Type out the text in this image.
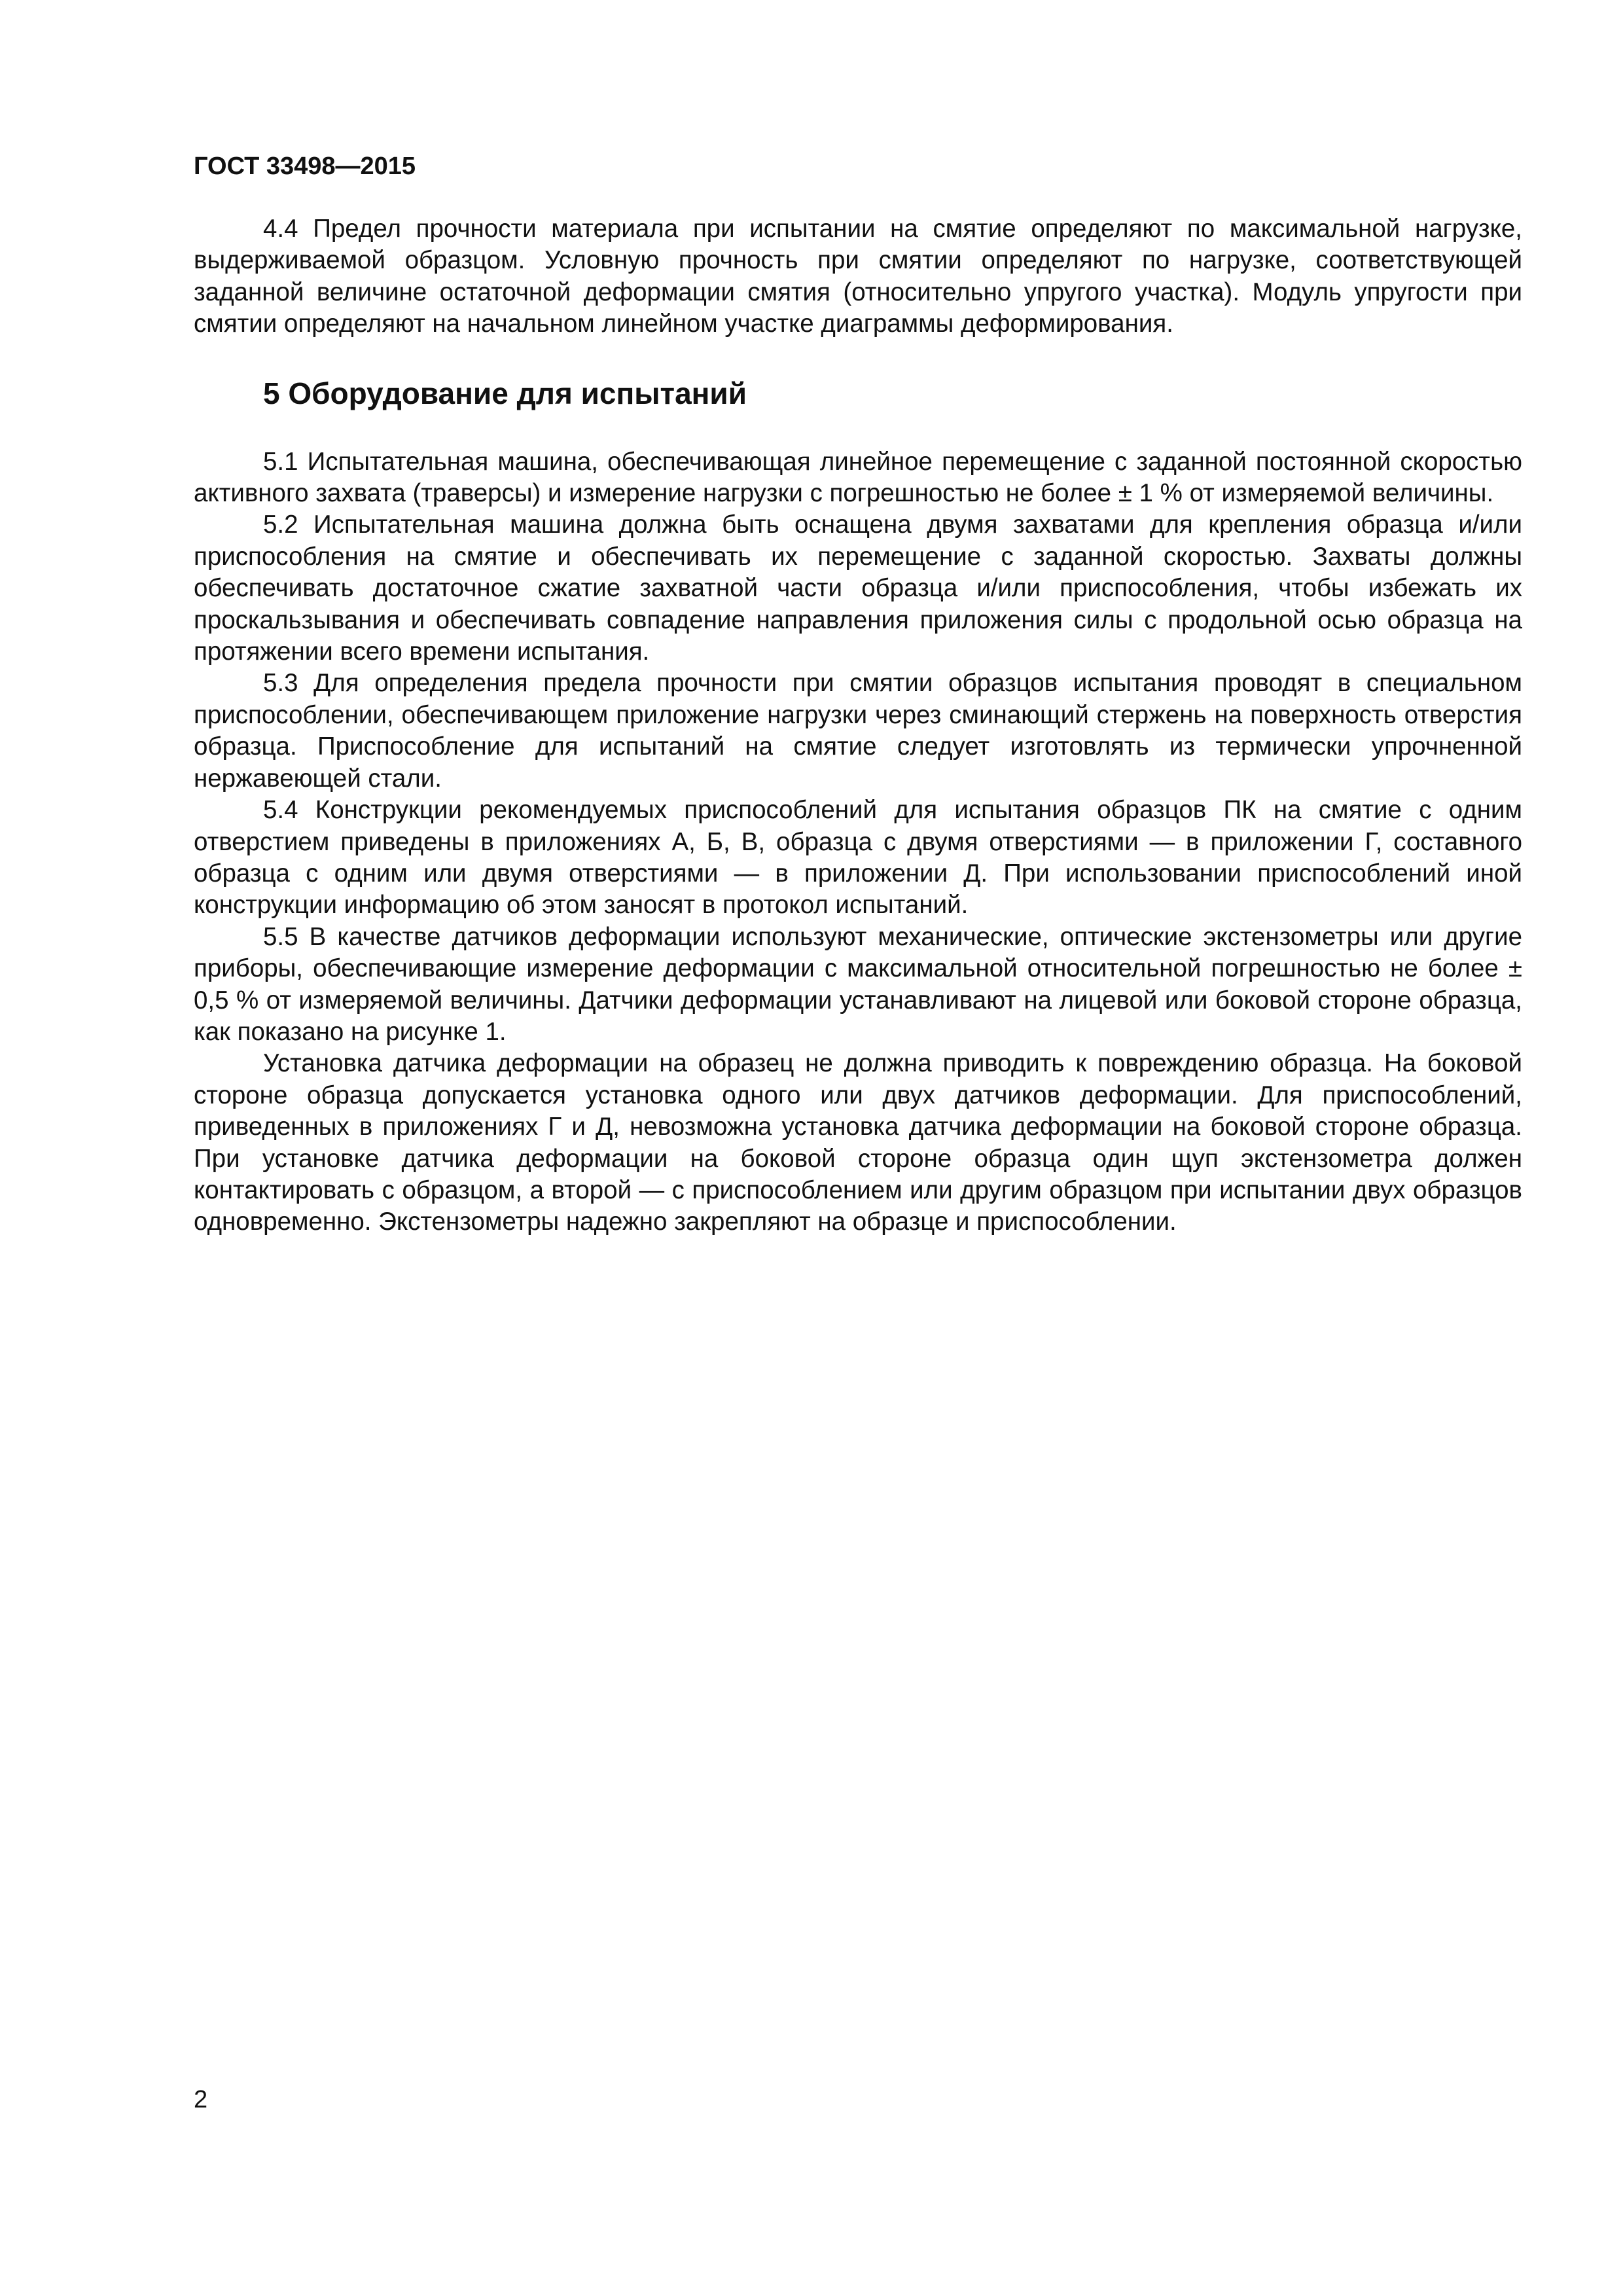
ГОСТ 33498—2015

4.4 Предел прочности материала при испытании на смятие определяют по максимальной нагрузке, выдерживаемой образцом. Условную прочность при смятии определяют по нагрузке, соответствующей заданной величине остаточной деформации смятия (относительно упругого участка). Модуль упругости при смятии определяют на начальном линейном участке диаграммы деформирования.

5 Оборудование для испытаний

5.1 Испытательная машина, обеспечивающая линейное перемещение с заданной постоянной скоростью активного захвата (траверсы) и измерение нагрузки с погрешностью не более ± 1 % от измеряемой величины.

5.2 Испытательная машина должна быть оснащена двумя захватами для крепления образца и/или приспособления на смятие и обеспечивать их перемещение с заданной скоростью. Захваты должны обеспечивать достаточное сжатие захватной части образца и/или приспособления, чтобы избежать их проскальзывания и обеспечивать совпадение направления приложения силы с продольной осью образца на протяжении всего времени испытания.

5.3 Для определения предела прочности при смятии образцов испытания проводят в специальном приспособлении, обеспечивающем приложение нагрузки через сминающий стержень на поверхность отверстия образца. Приспособление для испытаний на смятие следует изготовлять из термически упрочненной нержавеющей стали.

5.4 Конструкции рекомендуемых приспособлений для испытания образцов ПК на смятие с одним отверстием приведены в приложениях А, Б, В, образца с двумя отверстиями — в приложении Г, составного образца с одним или двумя отверстиями — в приложении Д. При использовании приспособлений иной конструкции информацию об этом заносят в протокол испытаний.

5.5 В качестве датчиков деформации используют механические, оптические экстензометры или другие приборы, обеспечивающие измерение деформации с максимальной относительной погрешностью не более ± 0,5 % от измеряемой величины. Датчики деформации устанавливают на лицевой или боковой стороне образца, как показано на рисунке 1.

Установка датчика деформации на образец не должна приводить к повреждению образца. На боковой стороне образца допускается установка одного или двух датчиков деформации. Для приспособлений, приведенных в приложениях Г и Д, невозможна установка датчика деформации на боковой стороне образца. При установке датчика деформации на боковой стороне образца один щуп экстензометра должен контактировать с образцом, а второй — с приспособлением или другим образцом при испытании двух образцов одновременно. Экстензометры надежно закрепляют на образце и приспособлении.

2
